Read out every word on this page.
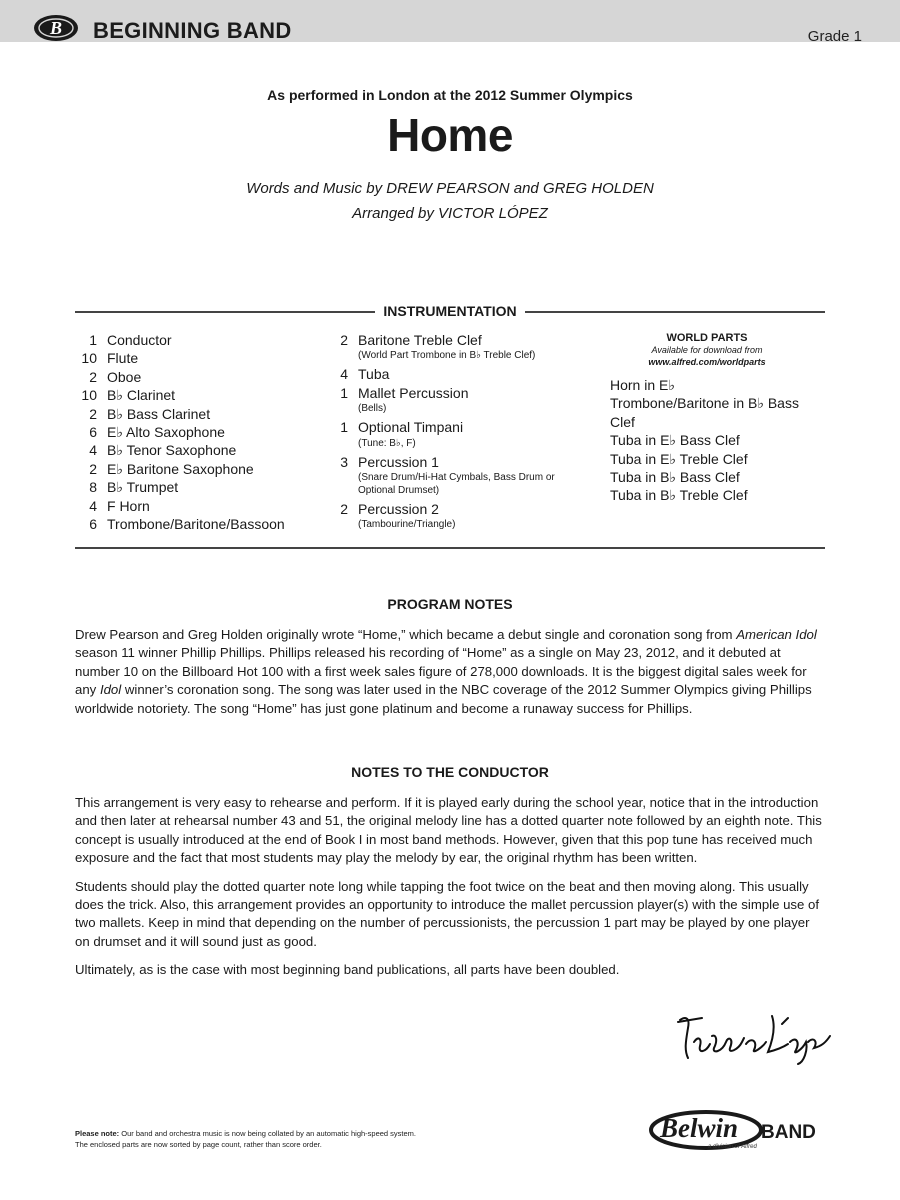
B BEGINNING BAND	Grade 1
As performed in London at the 2012 Summer Olympics
Home
Words and Music by DREW PEARSON and GREG HOLDEN
Arranged by VICTOR LÓPEZ
INSTRUMENTATION
1 Conductor
10 Flute
2 Oboe
10 B♭ Clarinet
2 B♭ Bass Clarinet
6 E♭ Alto Saxophone
4 B♭ Tenor Saxophone
2 E♭ Baritone Saxophone
8 B♭ Trumpet
4 F Horn
6 Trombone/Baritone/Bassoon
2 Baritone Treble Clef
(World Part Trombone in B♭ Treble Clef)
4 Tuba
1 Mallet Percussion
(Bells)
1 Optional Timpani
(Tune: B♭, F)
3 Percussion 1
(Snare Drum/Hi-Hat Cymbals, Bass Drum or Optional Drumset)
2 Percussion 2
(Tambourine/Triangle)
WORLD PARTS
Available for download from
www.alfred.com/worldparts
Horn in E♭
Trombone/Baritone in B♭ Bass Clef
Tuba in E♭ Bass Clef
Tuba in E♭ Treble Clef
Tuba in B♭ Bass Clef
Tuba in B♭ Treble Clef
PROGRAM NOTES

Drew Pearson and Greg Holden originally wrote “Home,” which became a debut single and coronation song from American Idol season 11 winner Phillip Phillips. Phillips released his recording of “Home” as a single on May 23, 2012, and it debuted at number 10 on the Billboard Hot 100 with a first week sales figure of 278,000 downloads. It is the biggest digital sales week for any Idol winner’s coronation song. The song was later used in the NBC coverage of the 2012 Summer Olympics giving Phillips worldwide notoriety. The song “Home” has just gone platinum and become a runaway success for Phillips.

NOTES TO THE CONDUCTOR

This arrangement is very easy to rehearse and perform. If it is played early during the school year, notice that in the introduction and then later at rehearsal number 43 and 51, the original melody line has a dotted quarter note followed by an eighth note. This concept is usually introduced at the end of Book I in most band methods. However, given that this pop tune has received much exposure and the fact that most students may play the melody by ear, the original rhythm has been written.

Students should play the dotted quarter note long while tapping the foot twice on the beat and then moving along. This usually does the trick. Also, this arrangement provides an opportunity to introduce the mallet percussion player(s) with the simple use of two mallets. Keep in mind that depending on the number of percussionists, the percussion 1 part may be played by one player on drumset and it will sound just as good.

Ultimately, as is the case with most beginning band publications, all parts have been doubled.

Please note: Our band and orchestra music is now being collated by an automatic high-speed system.
The enclosed parts are now sorted by page count, rather than score order.
Belwin BAND
a division of Alfred
